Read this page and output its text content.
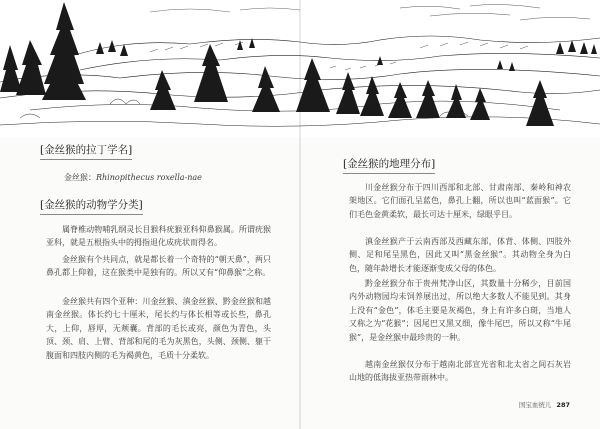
[金丝猴的拉丁学名]
金丝猴：Rhinopithecus roxella-nae
[金丝猴的动物学分类]

属脊椎动物哺乳纲灵长目猴科疣猴亚科仰鼻猴属。所谓疣猴亚科，就是五根指头中的拇指退化成疣状而得名。

金丝猴有个共同点，就是都长着一个奇特的“朝天鼻”，两只鼻孔都上仰着，这在猴类中是独有的。所以又有“仰鼻猴”之称。

金丝猴共有四个亚种：川金丝猴、滇金丝猴、黔金丝猴和越南金丝猴。体长约七十厘米，尾长约与体长相等或长些，鼻孔大，上仰，唇厚，无颊囊。背部的毛长或亮，颜色为青色，头顶、颈、肩、上臂、背部和尾的毛为灰黑色，头侧、颈侧、躯干腹面和四肢内侧的毛为褐黄色，毛质十分柔软。

[金丝猴的地理分布]

川金丝猴分布于四川西部和北部、甘肃南部、秦岭和神农架地区。它们面孔呈蓝色，鼻孔上翻，所以也叫“蓝面猴”。它们毛色金黄柔软，最长可达十厘米，绿眼乎目。

滇金丝猴产于云南西部及西藏东部，体背、体侧、四肢外侧、足和尾呈黑色，因此又叫“黑金丝猴”。其动物全身为白色，随年龄增长才能逐渐变成父母的体色。

黔金丝猴分布于贵州梵净山区，其数量十分稀少，目前国内外动物园均未饲养展出过，所以绝大多数人不能见到。其身上没有“金色”，体毛主要是灰褐色，身上有许多白斑，当地人又称之为“花猴”；因尾巴又黑又细，像牛尾巴，所以又称“牛尾猴”，是金丝猴中最珍贵的一种。

越南金丝猴仅分布于越南北部宣光省和北太省之间石灰岩山地的低海拔亚热带雨林中。

国宝血统儿 287
